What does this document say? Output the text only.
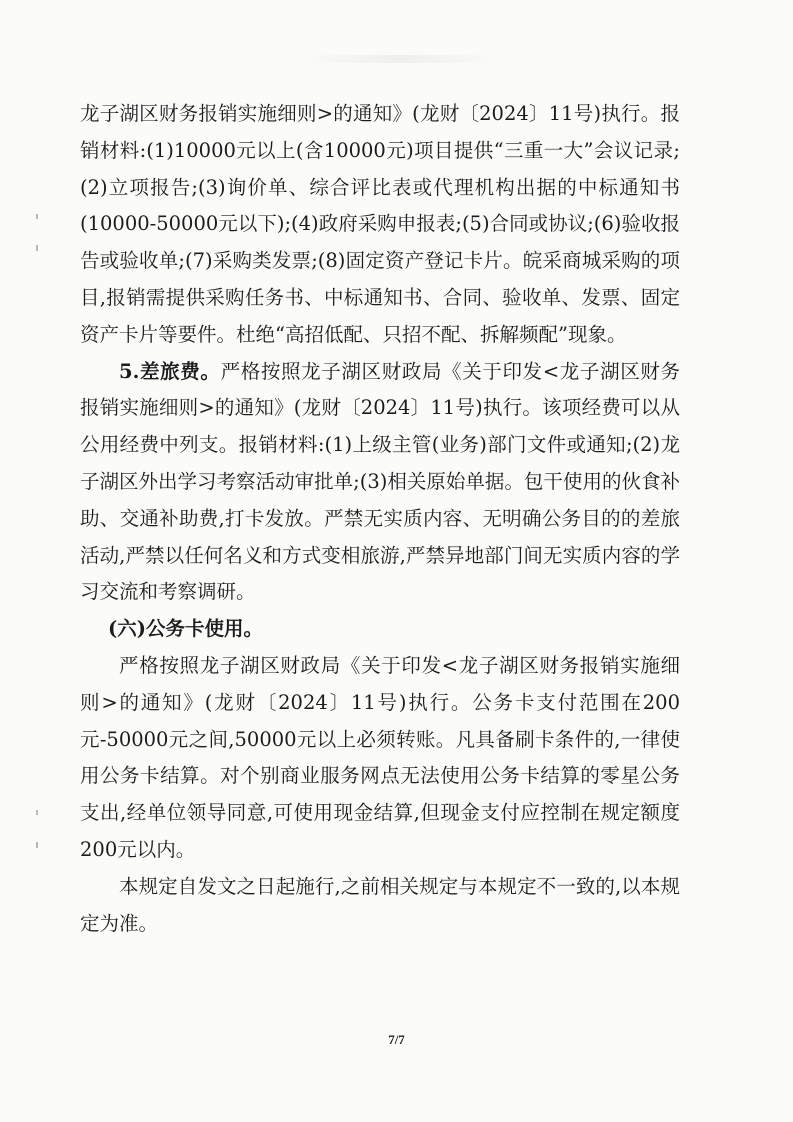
龙子湖区财务报销实施细则>的通知》(龙财〔2024〕11号)执行。报销材料:(1)10000元以上(含10000元)项目提供“三重一大”会议记录;(2)立项报告;(3)询价单、综合评比表或代理机构出据的中标通知书(10000-50000元以下);(4)政府采购申报表;(5)合同或协议;(6)验收报告或验收单;(7)采购类发票;(8)固定资产登记卡片。皖采商城采购的项目,报销需提供采购任务书、中标通知书、合同、验收单、发票、固定资产卡片等要件。杜绝“高招低配、只招不配、拆解频配”现象。

5.差旅费。严格按照龙子湖区财政局《关于印发<龙子湖区财务报销实施细则>的通知》(龙财〔2024〕11号)执行。该项经费可以从公用经费中列支。报销材料:(1)上级主管(业务)部门文件或通知;(2)龙子湖区外出学习考察活动审批单;(3)相关原始单据。包干使用的伙食补助、交通补助费,打卡发放。严禁无实质内容、无明确公务目的的差旅活动,严禁以任何名义和方式变相旅游,严禁异地部门间无实质内容的学习交流和考察调研。

(六)公务卡使用。

严格按照龙子湖区财政局《关于印发<龙子湖区财务报销实施细则>的通知》(龙财〔2024〕11号)执行。公务卡支付范围在200元-50000元之间,50000元以上必须转账。凡具备刷卡条件的,一律使用公务卡结算。对个别商业服务网点无法使用公务卡结算的零星公务支出,经单位领导同意,可使用现金结算,但现金支付应控制在规定额度200元以内。

本规定自发文之日起施行,之前相关规定与本规定不一致的,以本规定为准。

7/7
